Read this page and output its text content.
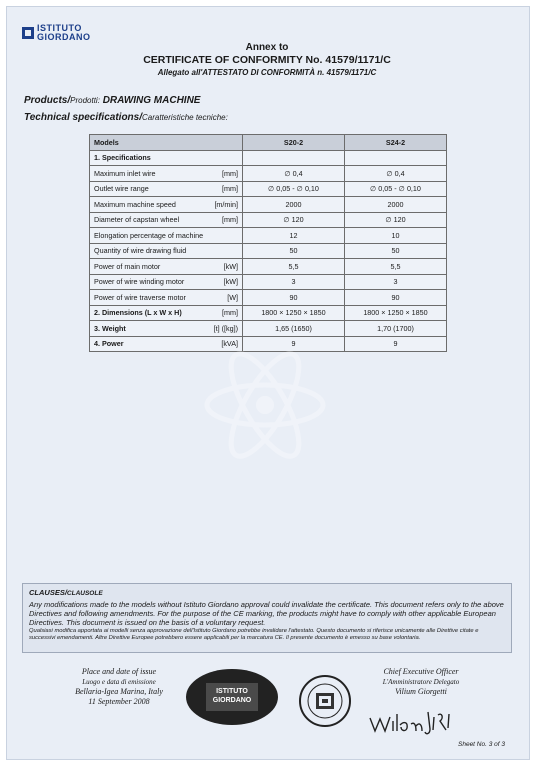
ISTITUTO
GIORDANO
Annex to
CERTIFICATE OF CONFORMITY No. 41579/1171/C
Allegato all'ATTESTATO DI CONFORMITÀ n. 41579/1171/C
Products/Prodotti: DRAWING MACHINE
Technical specifications/Caratteristiche tecniche:
Models	S20-2	S24-2
1. Specifications		

Maximum inlet wire [mm]	∅ 0,4	∅ 0,4

Outlet wire range [mm]	∅ 0,05 - ∅ 0,10	∅ 0,05 - ∅ 0,10

Maximum machine speed [m/min]	2000	2000

Diameter of capstan wheel [mm]	∅ 120	∅ 120

Elongation percentage of machine	12	10

Quantity of wire drawing fluid	50	50

Power of main motor [kW]	5,5	5,5

Power of wire winding motor [kW]	3	3

Power of wire traverse motor [W]	90	90

2. Dimensions (L x W x H) [mm]	1800 × 1250 × 1850	1800 × 1250 × 1850

3. Weight [t] ([kg])	1,65 (1650)	1,70 (1700)

4. Power [kVA]	9	9
CLAUSES/CLAUSOLE
Any modifications made to the models without Istituto Giordano approval could invalidate the certificate. This document refers only to the above Directives and following amendments. For the purpose of the CE marking, the products might have to comply with other applicable European Directives. This document is issued on the basis of a voluntary request.
Qualsiasi modifica apportata ai modelli senza approvazione dell'Istituto Giordano potrebbe invalidare l'attestato. Questo documento si riferisce unicamente alle Direttive citate e successivi emendamenti. Altre Direttive Europee potrebbero essere applicabili per la marcatura CE. Il presente documento è emesso su base volontaria.
Place and date of issue
Luogo e data di emissione
Bellaria-Igea Marina, Italy
11 September 2008
ISTITUTO
GIORDANO
Chief Executive Officer
L'Amministratore Delegato
Vilium Giorgetti
Sheet No. 3 of 3
